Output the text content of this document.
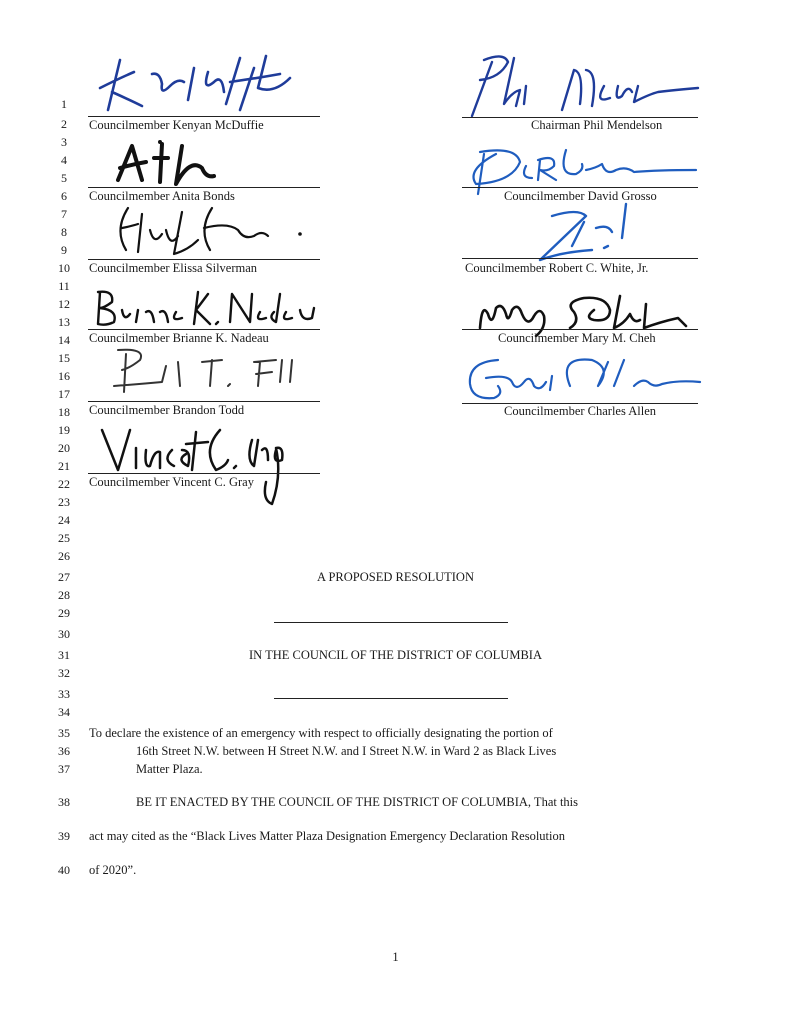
1
2
3
4
5
6
7
8
9
10
11
12
13
14
15
16
17
18
19
20
21
22
23
24
25
26
27
28
29
30
31
32
33
34
35
36
37
38
39
40
Councilmember Kenyan McDuffie
Councilmember Anita Bonds
Councilmember Elissa Silverman
Councilmember Brianne K. Nadeau
Councilmember Brandon Todd
Councilmember Vincent C. Gray
Chairman Phil Mendelson
Councilmember David Grosso
Councilmember Robert C. White, Jr.
Councilmember Mary M. Cheh
Councilmember Charles Allen
A PROPOSED RESOLUTION
IN THE COUNCIL OF THE DISTRICT OF COLUMBIA
To declare the existence of an emergency with respect to officially designating the portion of
16th Street N.W. between H Street N.W. and I Street N.W. in Ward 2 as Black Lives
Matter Plaza.
BE IT ENACTED BY THE COUNCIL OF THE DISTRICT OF COLUMBIA, That this
act may cited as the “Black Lives Matter Plaza Designation Emergency Declaration Resolution
of 2020”.
1
